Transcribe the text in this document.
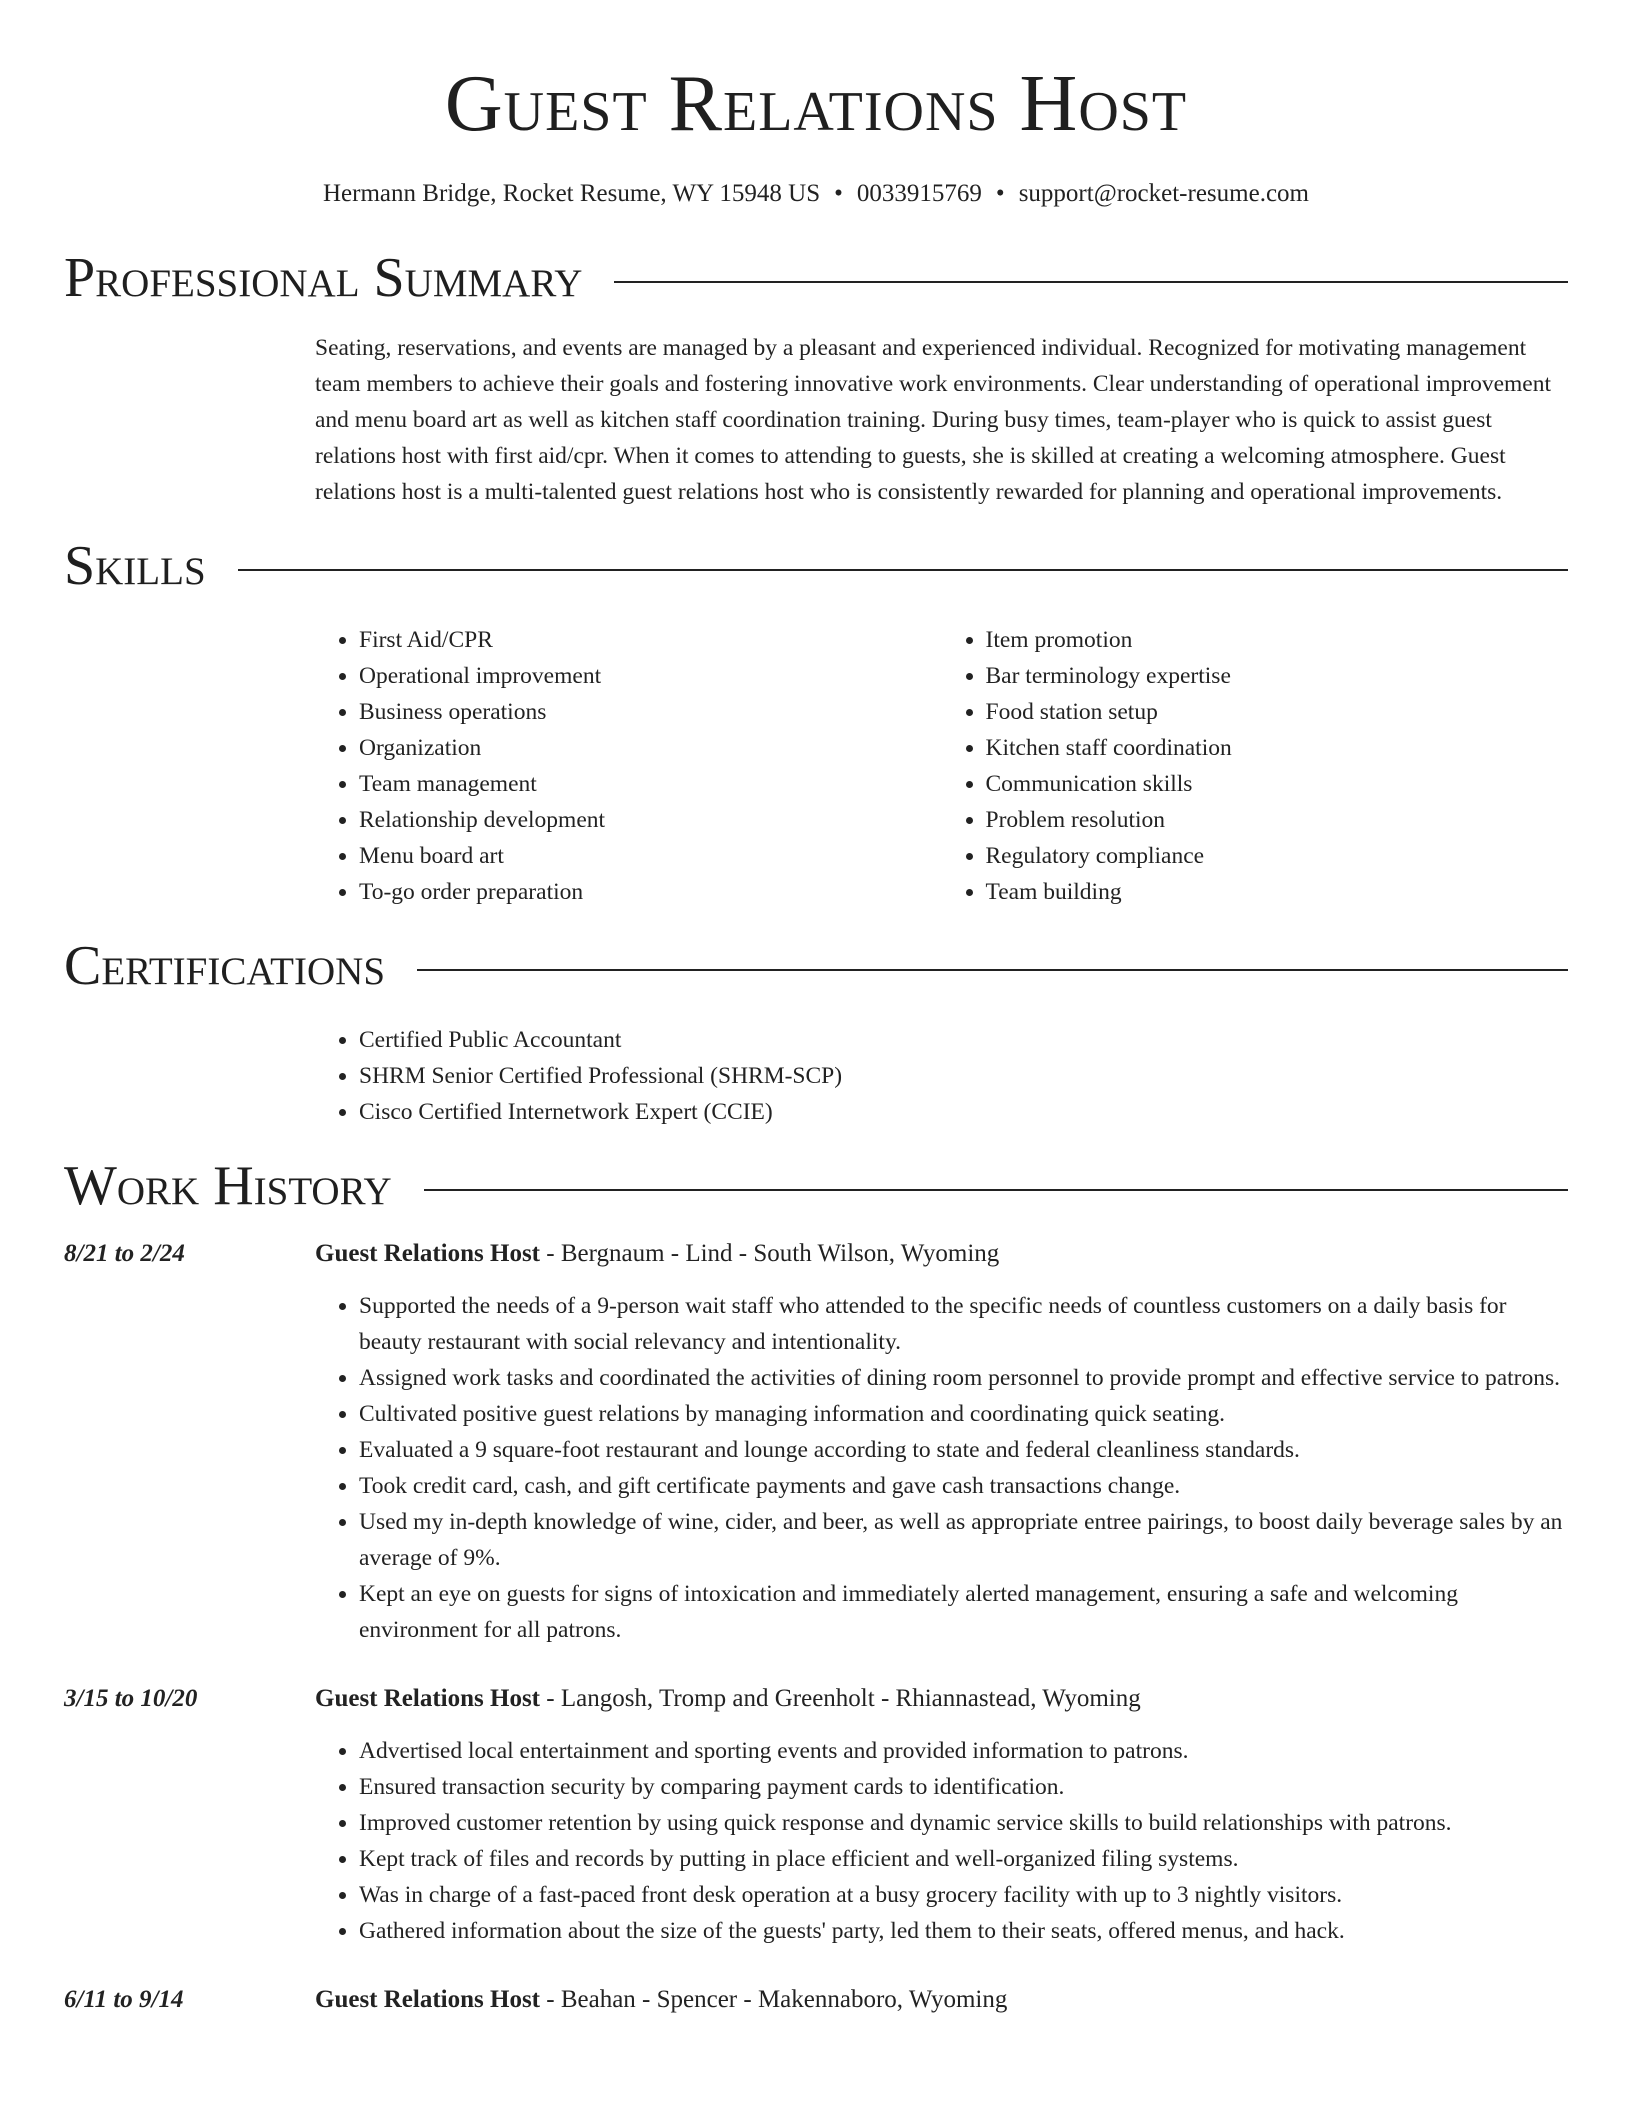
Guest Relations Host
Hermann Bridge, Rocket Resume, WY 15948 US • 0033915769 • support@rocket-resume.com
Professional Summary
Seating, reservations, and events are managed by a pleasant and experienced individual. Recognized for motivating management team members to achieve their goals and fostering innovative work environments. Clear understanding of operational improvement and menu board art as well as kitchen staff coordination training. During busy times, team-player who is quick to assist guest relations host with first aid/cpr. When it comes to attending to guests, she is skilled at creating a welcoming atmosphere. Guest relations host is a multi-talented guest relations host who is consistently rewarded for planning and operational improvements.
Skills
• First Aid/CPR
• Operational improvement
• Business operations
• Organization
• Team management
• Relationship development
• Menu board art
• To-go order preparation
• Item promotion
• Bar terminology expertise
• Food station setup
• Kitchen staff coordination
• Communication skills
• Problem resolution
• Regulatory compliance
• Team building
Certifications
• Certified Public Accountant
• SHRM Senior Certified Professional (SHRM-SCP)
• Cisco Certified Internetwork Expert (CCIE)
Work History
8/21 to 2/24	Guest Relations Host - Bergnaum - Lind - South Wilson, Wyoming
• Supported the needs of a 9-person wait staff who attended to the specific needs of countless customers on a daily basis for beauty restaurant with social relevancy and intentionality.
• Assigned work tasks and coordinated the activities of dining room personnel to provide prompt and effective service to patrons.
• Cultivated positive guest relations by managing information and coordinating quick seating.
• Evaluated a 9 square-foot restaurant and lounge according to state and federal cleanliness standards.
• Took credit card, cash, and gift certificate payments and gave cash transactions change.
• Used my in-depth knowledge of wine, cider, and beer, as well as appropriate entree pairings, to boost daily beverage sales by an average of 9%.
• Kept an eye on guests for signs of intoxication and immediately alerted management, ensuring a safe and welcoming environment for all patrons.
3/15 to 10/20	Guest Relations Host - Langosh, Tromp and Greenholt - Rhiannastead, Wyoming
• Advertised local entertainment and sporting events and provided information to patrons.
• Ensured transaction security by comparing payment cards to identification.
• Improved customer retention by using quick response and dynamic service skills to build relationships with patrons.
• Kept track of files and records by putting in place efficient and well-organized filing systems.
• Was in charge of a fast-paced front desk operation at a busy grocery facility with up to 3 nightly visitors.
• Gathered information about the size of the guests' party, led them to their seats, offered menus, and hack.
6/11 to 9/14	Guest Relations Host - Beahan - Spencer - Makennaboro, Wyoming
